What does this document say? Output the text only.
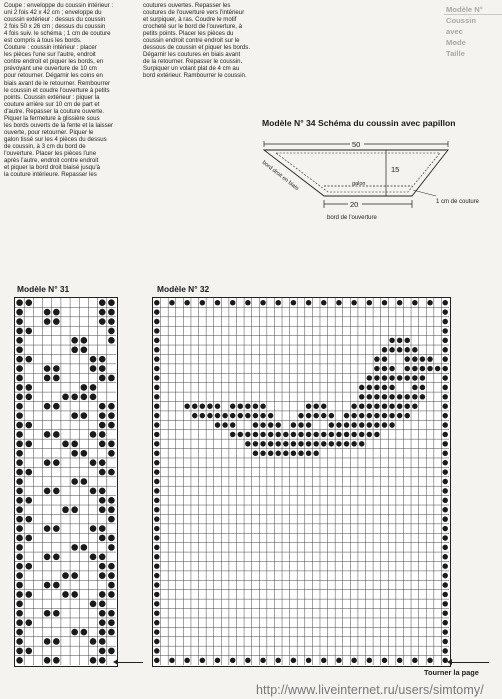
Coupe : enveloppe du coussin intérieur :
uni 2 fois 42 x 42 cm ; enveloppe du
coussin extérieur : dessus du coussin
2 fois 50 x 26 cm ; dessus du coussin
4 fois suiv. le schéma ; 1 cm de couture
est compris à tous les bords.
Couture : coussin intérieur : placer
les pièces l'une sur l'autre, endroit
contre endroit et piquer les bords, en
prévoyant une ouverture de 10 cm
pour retourner. Dégarnir les coins en
biais avant de le retourner. Rembourrer
le coussin et coudre l'ouverture à petits
points. Coussin extérieur : piquer la
couture arrière sur 10 cm de part et
d'autre. Repasser la couture ouverte.
Piquer la fermeture à glissière sous
les bords ouverts de la fente et la laisser
ouverte, pour retourner. Piquer le
galon tissé sur les 4 pièces du dessus
de coussin, à 3 cm du bord de
l'ouverture. Placer les pièces l'une
après l'autre, endroit contre endroit
et piquer la bord droit biaisé jusqu'à
la couture intérieure. Repasser les
coutures ouvertes. Repasser les
coutures de l'ouverture vers l'intérieur
et surpiquer, à ras. Coudre le motif
crocheté sur le bord de l'ouverture, à
petits points. Placer les pièces du
coussin endroit contre endroit sur le
dessous de coussin et piquer les bords.
Dégarnir les coutures en biais avant
de la retourner. Repasser le coussin.
Surpiquer un volant plat de 4 cm au
bord extérieur. Rambourrer le coussin.
Modèle N°
Coussin
avec
Mode
Taille
Modèle N° 34 Schéma du coussin avec papillon
50
15
20
galon
bord droit en biais
1 cm de couture
bord de l'ouverture
Modèle N° 31	Modèle N° 32
Tourner la page
http://www.liveinternet.ru/users/simtomy/
